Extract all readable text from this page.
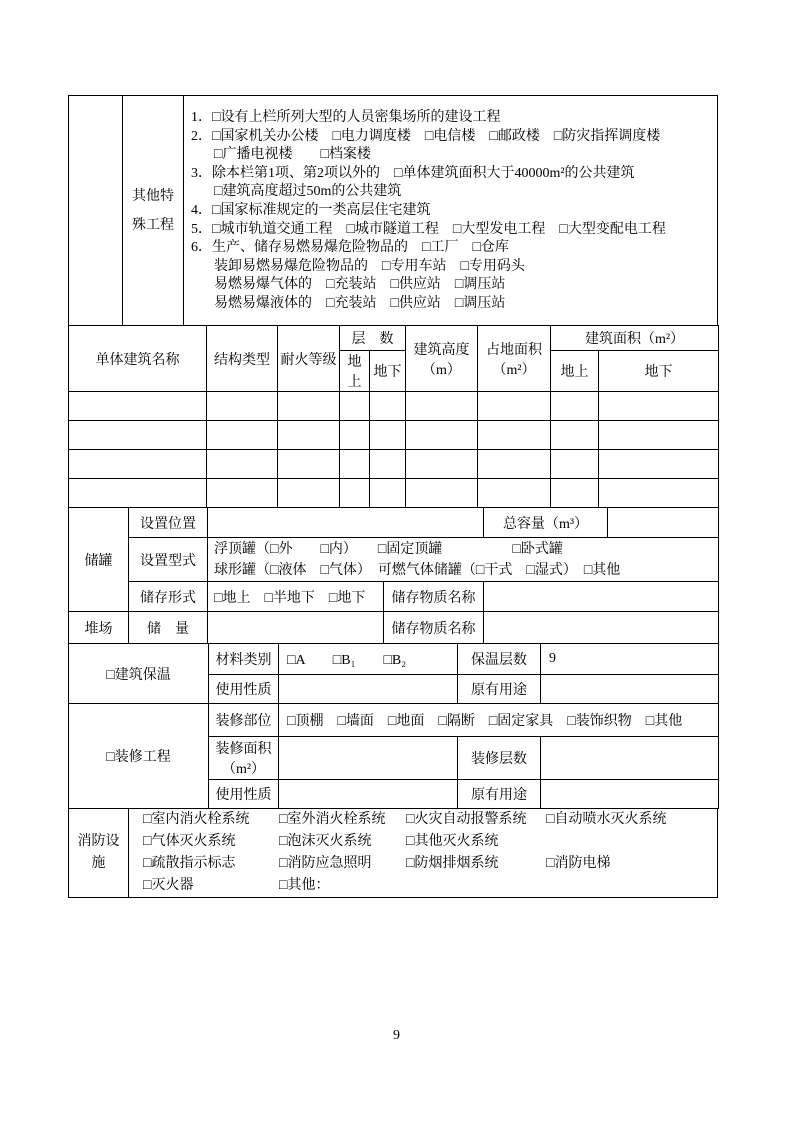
其他特
殊工程

1．□设有上栏所列大型的人员密集场所的建设工程
2．□国家机关办公楼　□电力调度楼　□电信楼　□邮政楼　□防灾指挥调度楼
□广播电视楼　　□档案楼
3．除本栏第1项、第2项以外的　□单体建筑面积大于40000m²的公共建筑
□建筑高度超过50m的公共建筑
4．□国家标准规定的一类高层住宅建筑
5．□城市轨道交通工程　□城市隧道工程　□大型发电工程　□大型变配电工程
6．生产、储存易燃易爆危险物品的　□工厂　□仓库
装卸易燃易爆危险物品的　□专用车站　□专用码头
易燃易爆气体的　□充装站　□供应站　□调压站
易燃易爆液体的　□充装站　□供应站　□调压站
单体建筑名称	结构类型	耐火等级	层　数		建筑高度（m）	占地面积（m²）	建筑面积（m²）	
			地上	地下			地上	地下

储罐	设置位置			总容量（m³）	
	设置型式	浮顶罐（□外　　□内）　　□固定顶罐　　　　　□卧式罐
球形罐（□液体　□气体）　可燃气体储罐（□干式　□湿式）　□其他			

	储存形式	□地上　□半地下　□地下	储存物质名称		
堆场	储　量		储存物质名称		
□建筑保温	材料类别	□A　　□B₁　　□B₂	保温层数	9
	使用性质		原有用途	
□装修工程	装修部位	□顶棚　□墙面　□地面　□隔断　□固定家具　□装饰织物　□其他		
	装修面积（m²）		装修层数	
	使用性质		原有用途	
消防设
施

□室内消火栓系统	□室外消火栓系统	□火灾自动报警系统	□自动喷水灭火系统
□气体灭火系统	□泡沫灭火系统	□其他灭火系统
□疏散指示标志	□消防应急照明	□防烟排烟系统	□消防电梯
□灭火器	□其他：
9
